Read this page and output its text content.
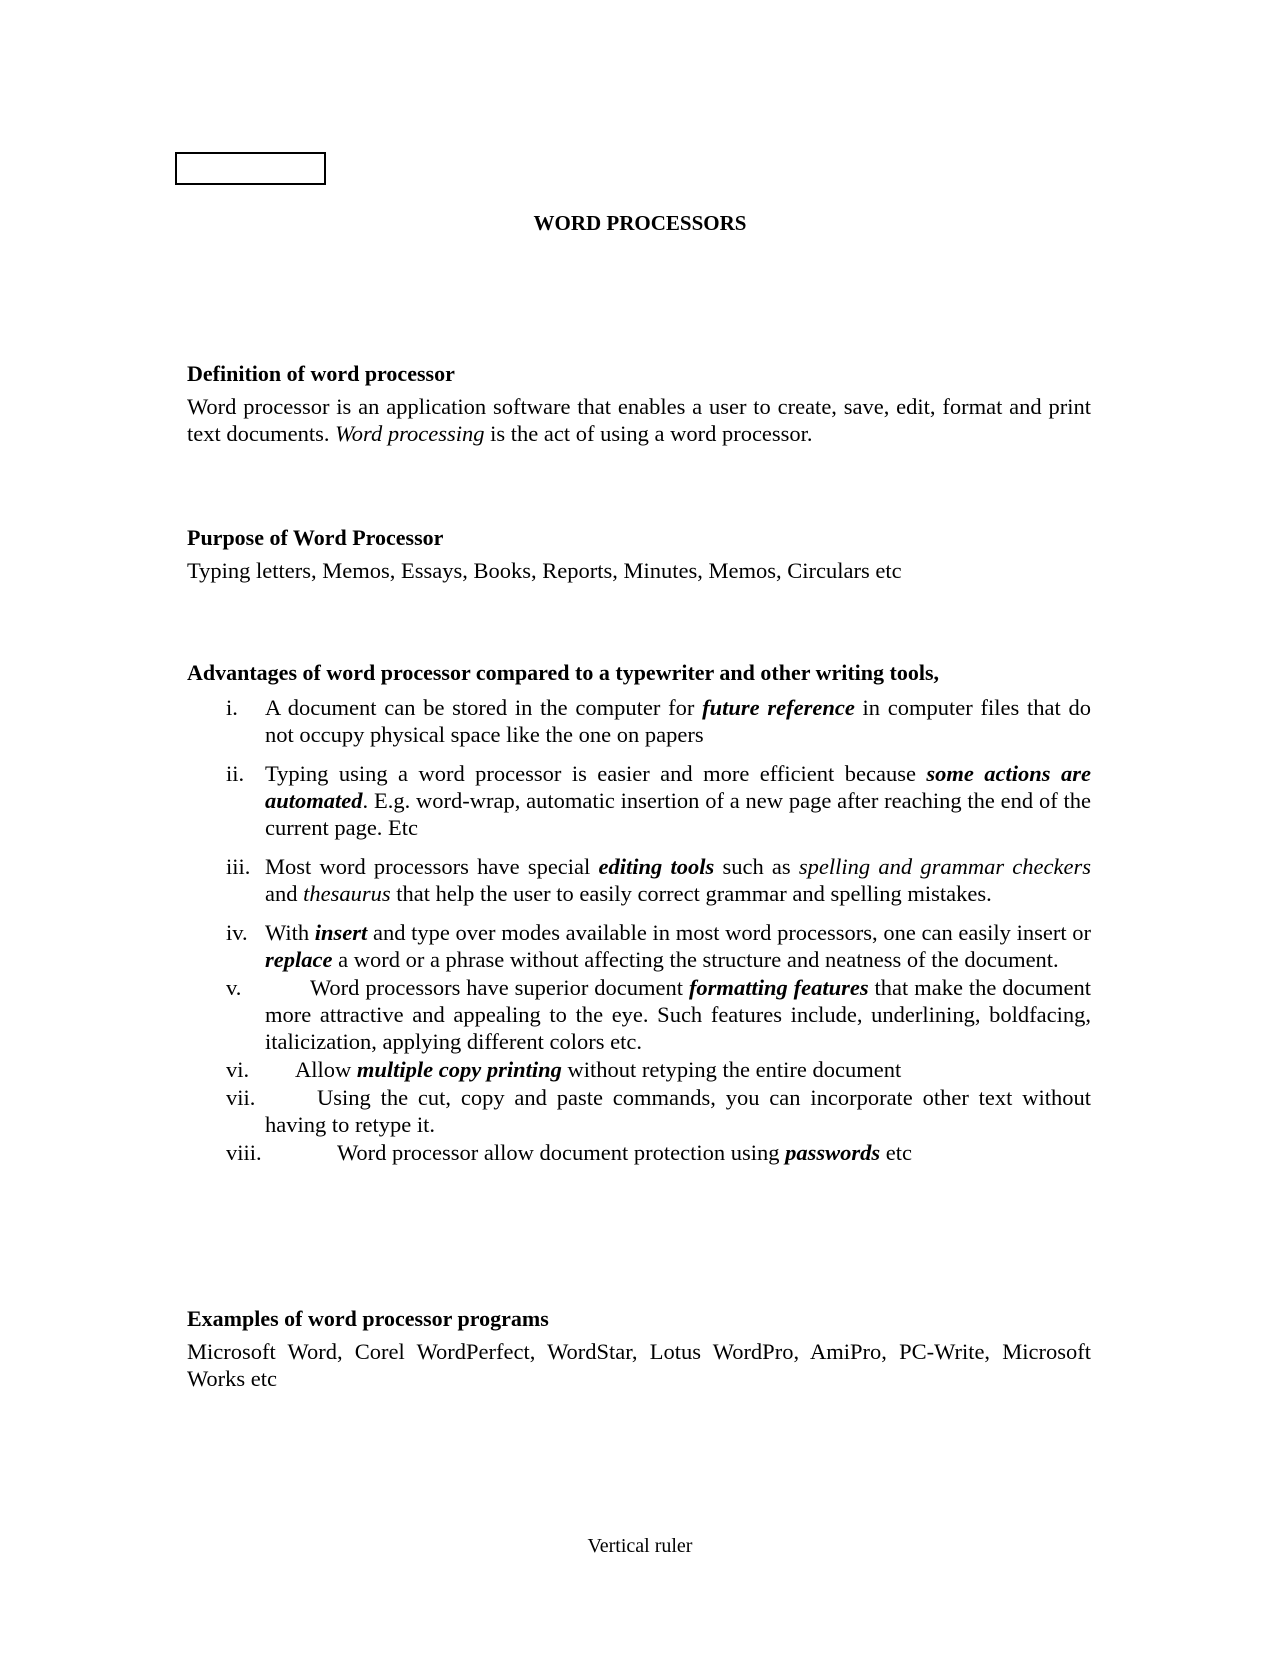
WORD PROCESSORS

Definition of word processor

Word processor is an application software that enables a user to create, save, edit, format and print text documents. Word processing is the act of using a word processor.

Purpose of Word Processor

Typing letters, Memos, Essays, Books, Reports, Minutes, Memos, Circulars etc

Advantages of word processor compared to a typewriter and other writing tools,

i. A document can be stored in the computer for future reference in computer files that do not occupy physical space like the one on papers
ii. Typing using a word processor is easier and more efficient because some actions are automated. E.g. word-wrap, automatic insertion of a new page after reaching the end of the current page. Etc
iii. Most word processors have special editing tools such as spelling and grammar checkers and thesaurus that help the user to easily correct grammar and spelling mistakes.
iv. With insert and type over modes available in most word processors, one can easily insert or replace a word or a phrase without affecting the structure and neatness of the document.
v.	Word processors have superior document formatting features that make the document more attractive and appealing to the eye. Such features include, underlining, boldfacing, italicization, applying different colors etc.
vi. Allow multiple copy printing without retyping the entire document
vii.	Using the cut, copy and paste commands, you can incorporate other text without having to retype it.
viii.	Word processor allow document protection using passwords etc

Examples of word processor programs

Microsoft Word, Corel WordPerfect, WordStar, Lotus WordPro, AmiPro, PC-Write, Microsoft Works etc

Vertical ruler
